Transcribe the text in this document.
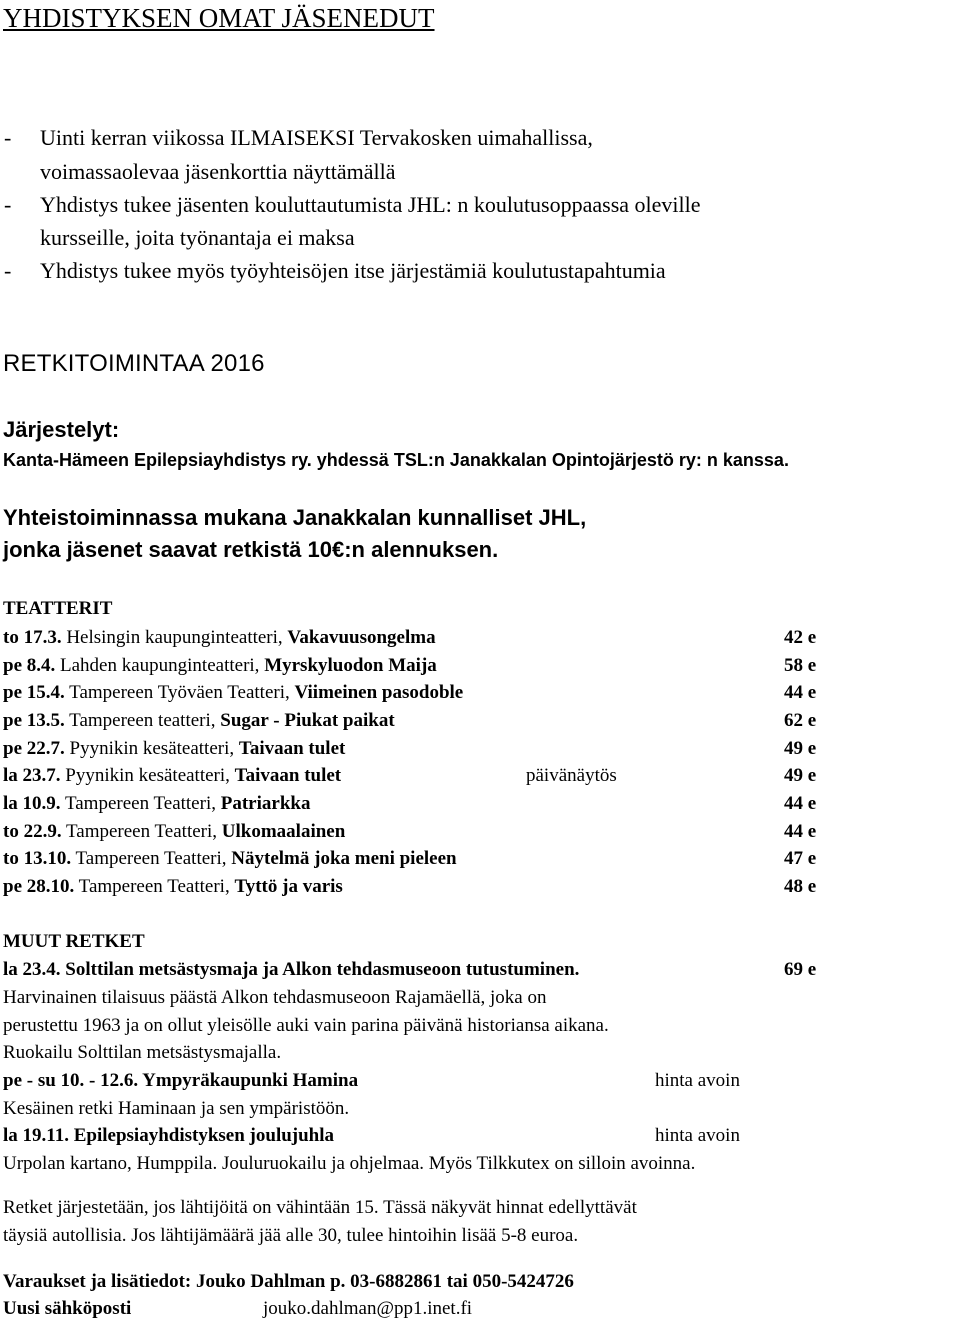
YHDISTYKSEN OMAT JÄSENEDUT
- Uinti kerran viikossa ILMAISEKSI Tervakosken uimahallissa,
voimassaolevaa jäsenkorttia näyttämällä
- Yhdistys tukee jäsenten kouluttautumista JHL: n koulutusoppaassa oleville
kursseille, joita työnantaja ei maksa
- Yhdistys tukee myös työyhteisöjen itse järjestämiä koulutustapahtumia
RETKITOIMINTAA 2016
Järjestelyt:
Kanta-Hämeen Epilepsiayhdistys ry. yhdessä TSL:n Janakkalan Opintojärjestö ry: n kanssa.
Yhteistoiminnassa mukana Janakkalan kunnalliset JHL,
jonka jäsenet saavat retkistä 10€:n alennuksen.
TEATTERIT
to 17.3. Helsingin kaupunginteatteri, Vakavuusongelma	42 e
pe 8.4. Lahden kaupunginteatteri, Myrskyluodon Maija	58 e
pe 15.4. Tampereen Työväen Teatteri, Viimeinen pasodoble	44 e
pe 13.5. Tampereen teatteri, Sugar - Piukat paikat	62 e
pe 22.7. Pyynikin kesäteatteri, Taivaan tulet	49 e
la 23.7. Pyynikin kesäteatteri, Taivaan tulet	päivänäytös	49 e
la 10.9. Tampereen Teatteri, Patriarkka	44 e
to 22.9. Tampereen Teatteri, Ulkomaalainen	44 e
to 13.10. Tampereen Teatteri, Näytelmä joka meni pieleen	47 e
pe 28.10. Tampereen Teatteri, Tyttö ja varis	48 e
MUUT RETKET
la 23.4. Solttilan metsästysmaja ja Alkon tehdasmuseoon tutustuminen.	69 e
Harvinainen tilaisuus päästä Alkon tehdasmuseoon Rajamäellä, joka on
perustettu 1963 ja on ollut yleisölle auki vain parina päivänä historiansa aikana.
Ruokailu Solttilan metsästysmajalla.
pe - su 10. - 12.6. Ympyräkaupunki Hamina	hinta avoin
Kesäinen retki Haminaan ja sen ympäristöön.
la 19.11. Epilepsiayhdistyksen joulujuhla	hinta avoin
Urpolan kartano, Humppila. Jouluruokailu ja ohjelmaa. Myös Tilkkutex on silloin avoinna.
Retket järjestetään, jos lähtijöitä on vähintään 15. Tässä näkyvät hinnat edellyttävät
täysiä autollisia. Jos lähtijämäärä jää alle 30, tulee hintoihin lisää 5-8 euroa.
Varaukset ja lisätiedot: Jouko Dahlman p. 03-6882861 tai 050-5424726
Uusi sähköposti	jouko.dahlman@pp1.inet.fi
